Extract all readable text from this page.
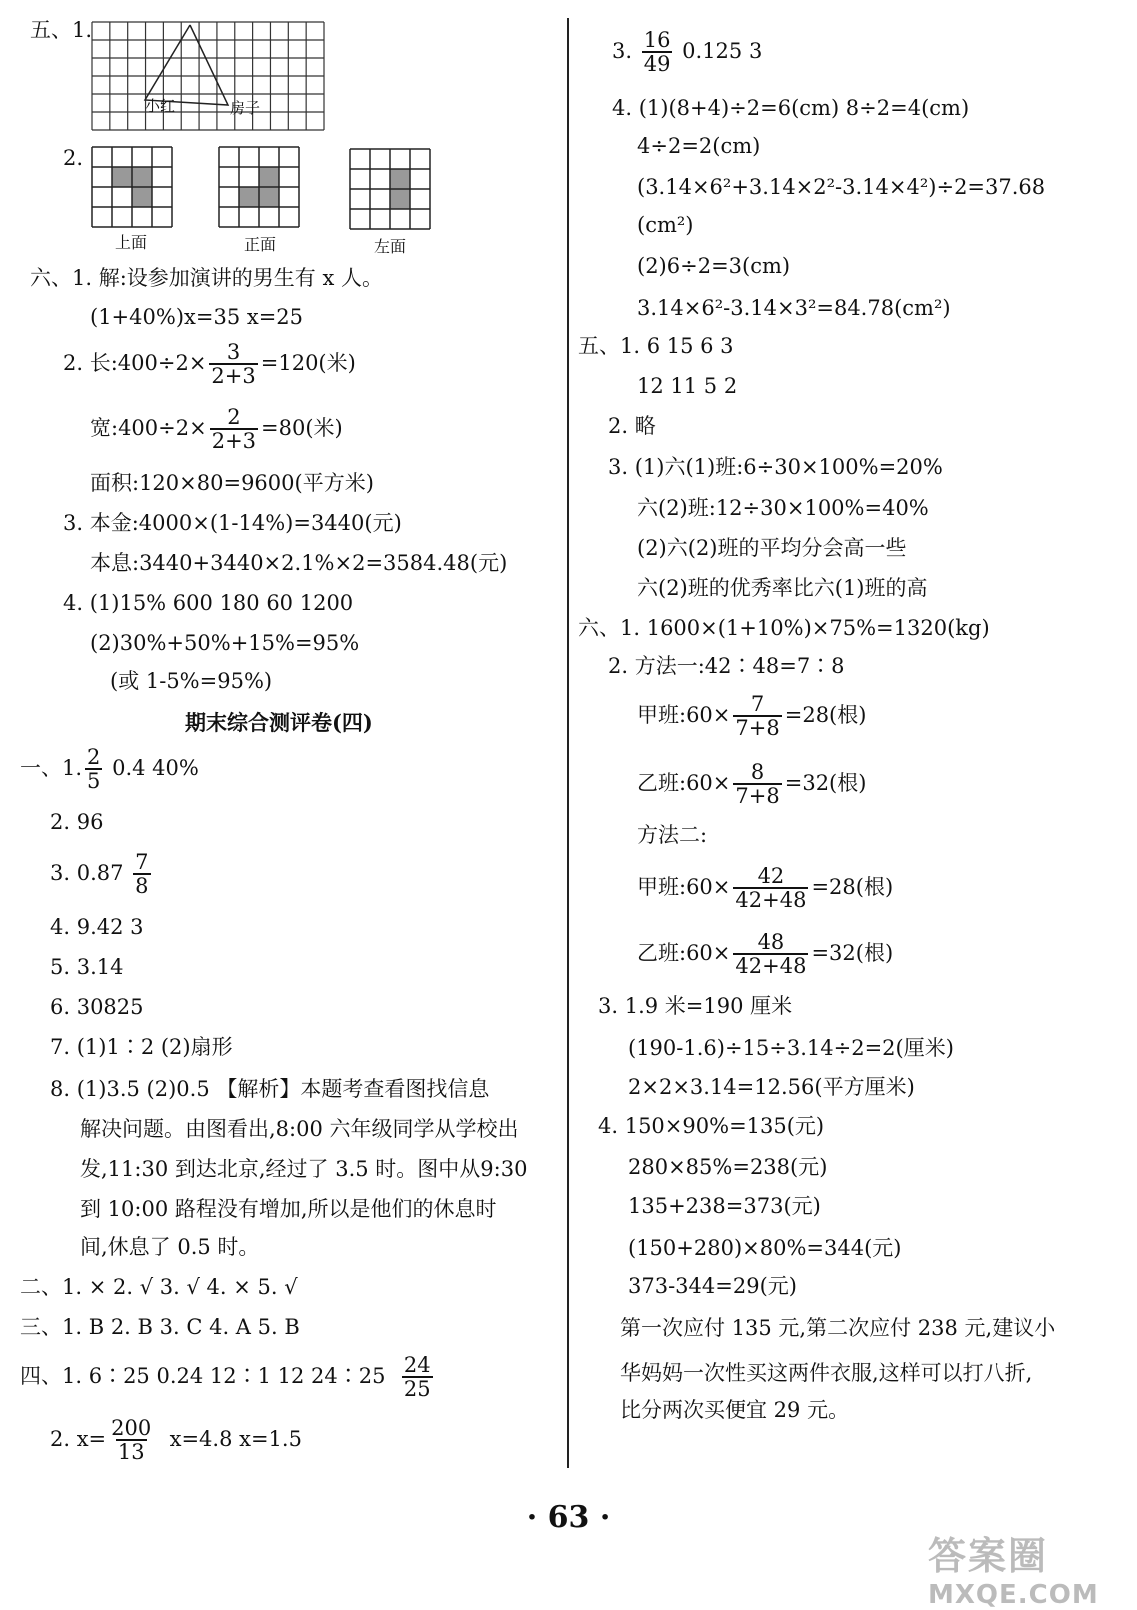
五、1.
小红	房子
2.
上面	正面	左面
六、1. 解:设参加演讲的男生有 x 人。
(1+40%)x=35 x=25
2. 长:400÷2× $\frac{3}{2+3} =120$(米)
宽:400÷2× $\frac{2}{2+3} =80$(米)
面积:120×80=9600(平方米)
3. 本金:4000×(1-14%)=3440(元)
本息:3440+3440×2.1%×2=3584.48(元)
4. (1)15% 600 180 60 1200
(2)30%+50%+15%=95%
(或 1-5%=95%)
期末综合测评卷(四)
一、1. $\frac{2}{5} 0.4$ 40%
2. 96
3. $0.87 \frac{7}{8}$
4. 9.42 3
5. 3.14
6. 30825
7. (1)1∶2 (2)扇形
8. (1)3.5 (2)0.5 【解析】本题考查看图找信息
解决问题。由图看出,8:00 六年级同学从学校出
发,11:30 到达北京,经过了 3.5 时。图中从9:30
到 10:00 路程没有增加,所以是他们的休息时
间,休息了 0.5 时。
二、1. × 2. √ 3. √ 4. × 5. √
三、1. B 2. B 3. C 4. A 5. B
四、1. 6∶25 0.24 12∶1 12 24∶25 $\frac{24}{25}$
2. $x= \frac{200}{13} x=4.8$ x=1.5
3. $\frac{16}{49} 0.125$ 3
4. (1)(8+4)÷2=6(cm) 8÷2=4(cm)
4÷2=2(cm)
(3.14×6²+3.14×2²-3.14×4²)÷2=37.68
(cm²)
(2)6÷2=3(cm)
3.14×6²-3.14×3²=84.78(cm²)
五、1. 6 15 6 3
12 11 5 2
2. 略
3. (1)六(1)班:6÷30×100%=20%
六(2)班:12÷30×100%=40%
(2)六(2)班的平均分会高一些
六(2)班的优秀率比六(1)班的高
六、1. 1600×(1+10%)×75%=1320(kg)
2. 方法一:42∶48=7∶8
甲班:60× $\frac{7}{7+8} =28$(根)
乙班:60× $\frac{8}{7+8} =32$(根)
方法二:
甲班:60× $\frac{42}{42+48} =28$(根)
乙班:60× $\frac{48}{42+48} =32$(根)
3. 1.9 米=190 厘米
(190-1.6)÷15÷3.14÷2=2(厘米)
2×2×3.14=12.56(平方厘米)
4. 150×90%=135(元)
280×85%=238(元)
135+238=373(元)
(150+280)×80%=344(元)
373-344=29(元)
第一次应付 135 元,第二次应付 238 元,建议小
华妈妈一次性买这两件衣服,这样可以打八折,
比分两次买便宜 29 元。
· 63 ·
答案圈
MXQE.COM
